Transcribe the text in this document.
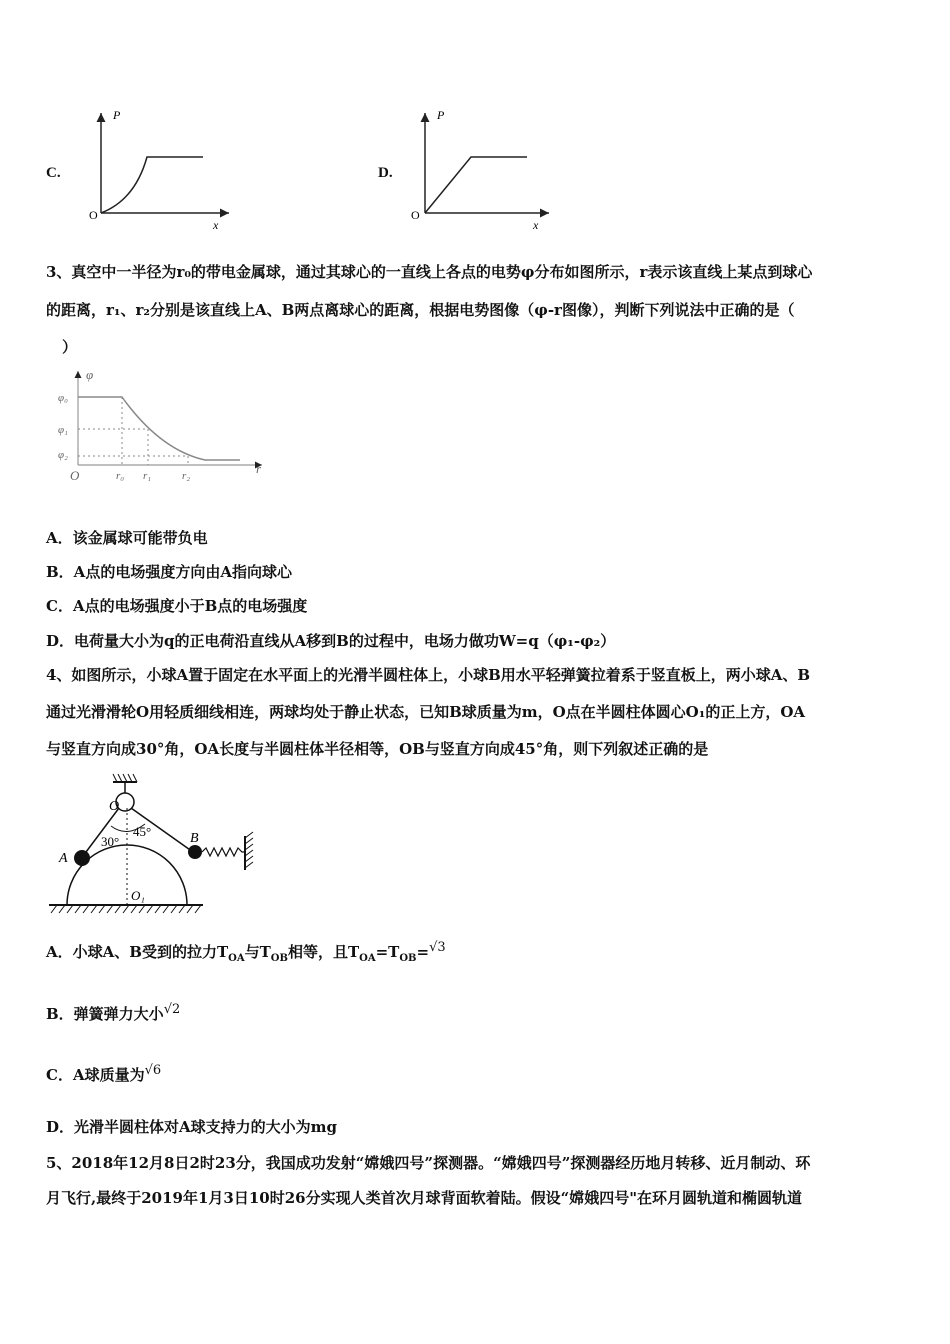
C.
P
x
O
D.
P
x
O
3、真空中一半径为r₀的带电金属球，通过其球心的一直线上各点的电势φ分布如图所示，r表示该直线上某点到球心
的距离，r₁、r₂分别是该直线上A、B两点离球心的距离，根据电势图像（φ-r图像），判断下列说法中正确的是（
）
φ
r
O
φ₀
φ₁
φ₂
r₀ r₁	r₂
A．该金属球可能带负电
B．A点的电场强度方向由A指向球心
C．A点的电场强度小于B点的电场强度
D．电荷量大小为q的正电荷沿直线从A移到B的过程中，电场力做功W=q（φ₁-φ₂）
4、如图所示，小球A置于固定在水平面上的光滑半圆柱体上，小球B用水平轻弹簧拉着系于竖直板上，两小球A、B
通过光滑滑轮O用轻质细线相连，两球均处于静止状态，已知B球质量为m，O点在半圆柱体圆心O₁的正上方，OA
与竖直方向成30°角，OA长度与半圆柱体半径相等，OB与竖直方向成45°角，则下列叙述正确的是
O
A
B
O₁
30°
45°
A．小球A、B受到的拉力$T_{OA}$与$T_{OB}$相等，且$T_{OA}=T_{OB}=^{√3}$
B．弹簧弹力大小$^{√2}$
C．A球质量为$^{√6}$
D．光滑半圆柱体对A球支持力的大小为mg
5、2018年12月8日2时23分，我国成功发射“嫦娥四号”探测器。“嫦娥四号”探测器经历地月转移、近月制动、环
月飞行,最终于2019年1月3日10时26分实现人类首次月球背面软着陆。假设“嫦娥四号"在环月圆轨道和椭圆轨道
